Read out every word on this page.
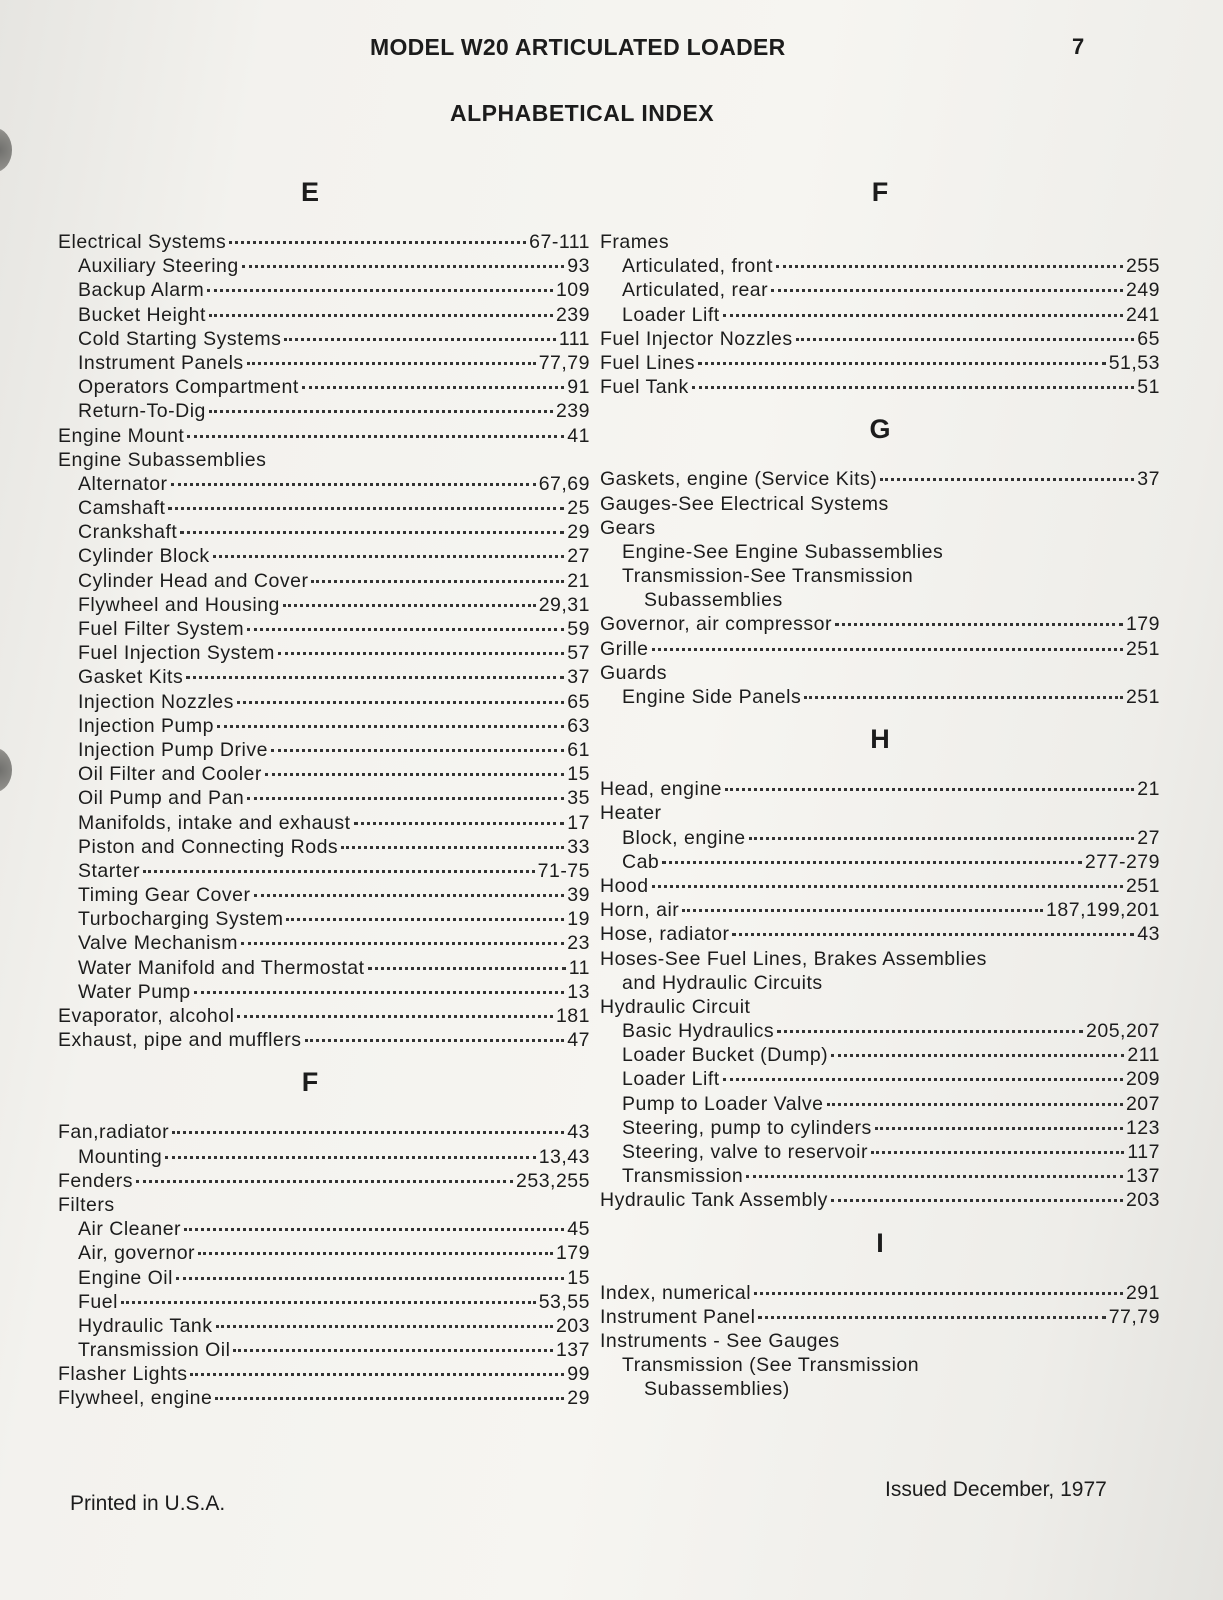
MODEL W20 ARTICULATED LOADER	7
ALPHABETICAL INDEX
E
Electrical Systems	67-111
Auxiliary Steering	93
Backup Alarm	109
Bucket Height	239
Cold Starting Systems	111
Instrument Panels	77,79
Operators Compartment	91
Return-To-Dig	239
Engine Mount	41
Engine Subassemblies
Alternator	67,69
Camshaft	25
Crankshaft	29
Cylinder Block	27
Cylinder Head and Cover	21
Flywheel and Housing	29,31
Fuel Filter System	59
Fuel Injection System	57
Gasket Kits	37
Injection Nozzles	65
Injection Pump	63
Injection Pump Drive	61
Oil Filter and Cooler	15
Oil Pump and Pan	35
Manifolds, intake and exhaust	17
Piston and Connecting Rods	33
Starter	71-75
Timing Gear Cover	39
Turbocharging System	19
Valve Mechanism	23
Water Manifold and Thermostat	11
Water Pump	13
Evaporator, alcohol	181
Exhaust, pipe and mufflers	47
F
Fan,radiator	43
Mounting	13,43
Fenders	253,255
Filters
Air Cleaner	45
Air, governor	179
Engine Oil	15
Fuel	53,55
Hydraulic Tank	203
Transmission Oil	137
Flasher Lights	99
Flywheel, engine	29
F
Frames
Articulated, front	255
Articulated, rear	249
Loader Lift	241
Fuel Injector Nozzles	65
Fuel Lines	51,53
Fuel Tank	51
G
Gaskets, engine (Service Kits)	37
Gauges-See Electrical Systems
Gears
Engine-See Engine Subassemblies
Transmission-See Transmission
Subassemblies
Governor, air compressor	179
Grille	251
Guards
Engine Side Panels	251
H
Head, engine	21
Heater
Block, engine	27
Cab	277-279
Hood	251
Horn, air	187,199,201
Hose, radiator	43
Hoses-See Fuel Lines, Brakes Assemblies
and Hydraulic Circuits
Hydraulic Circuit
Basic Hydraulics	205,207
Loader Bucket (Dump)	211
Loader Lift	209
Pump to Loader Valve	207
Steering, pump to cylinders	123
Steering, valve to reservoir	117
Transmission	137
Hydraulic Tank Assembly	203
I
Index, numerical	291
Instrument Panel	77,79
Instruments - See Gauges
Transmission (See Transmission
Subassemblies)
Printed in U.S.A.
Issued December, 1977
